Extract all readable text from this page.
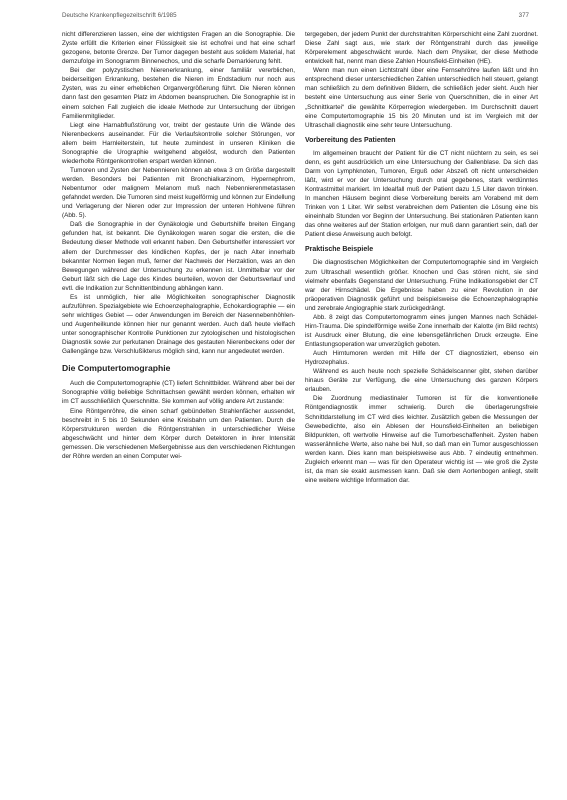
Deutsche Krankenpflegezeitschrift 6/1985	377

nicht differenzieren lassen, eine der wichtigsten Fragen an die Sonographie. Die Zyste erfüllt die Kriterien einer Flüssigkeit sie ist echofrei und hat eine scharf gezogene, betonte Grenze. Der Tumor dagegen besteht aus solidem Material, hat demzufolge im Sonogramm Binnenechos, und die scharfe Demarkierung fehlt.

Bei der polyzystischen Nierenerkrankung, einer familiär vererblichen, beiderseitigen Erkrankung, bestehen die Nieren im Endstadium nur noch aus Zysten, was zu einer erheblichen Organvergrößerung führt. Die Nieren können dann fast den gesamten Platz im Abdomen beanspruchen. Die Sonographie ist in einem solchen Fall zugleich die ideale Methode zur Untersuchung der übrigen Familienmitglieder.

Liegt eine Harnabflußstörung vor, treibt der gestaute Urin die Wände des Nierenbeckens auseinander. Für die Verlaufskontrolle solcher Störungen, vor allem beim Harnleiterstein, tut heute zumindest in unseren Kliniken die Sonographie die Urographie weitgehend abgelöst, wodurch den Patienten wiederholte Röntgenkontrollen erspart werden können.

Tumoren und Zysten der Nebennieren können ab etwa 3 cm Größe dargestellt werden. Besonders bei Patienten mit Bronchialkarzinom, Hypernephrom, Nebentumor oder malignem Melanom muß nach Nebennierenmetastasen gefahndet werden. Die Tumoren sind meist kugelförmig und können zur Eindellung und Verlagerung der Nieren oder zur Impression der unteren Hohlvene führen (Abb. 5).

Daß die Sonographie in der Gynäkologie und Geburtshilfe breiten Eingang gefunden hat, ist bekannt. Die Gynäkologen waren sogar die ersten, die die Bedeutung dieser Methode voll erkannt haben. Den Geburtshelfer interessiert vor allem der Durchmesser des kindlichen Kopfes, der je nach Alter innerhalb bekannter Normen liegen muß, ferner der Nachweis der Herzaktion, was an den Bewegungen während der Untersuchung zu erkennen ist. Unmittelbar vor der Geburt läßt sich die Lage des Kindes beurteilen, wovon der Geburtsverlauf und evtl. die Indikation zur Schnittentbindung abhängen kann.

Es ist unmöglich, hier alle Möglichkeiten sonographischer Diagnostik aufzuführen. Spezialgebiete wie Echoenzephalographie, Echokardiographie — ein sehr wichtiges Gebiet — oder Anwendungen im Bereich der Nasennebenhöhlen- und Augenheilkunde können hier nur genannt werden. Auch daß heute vielfach unter sonographischer Kontrolle Punktionen zur zytologischen und histologischen Diagnostik sowie zur perkutanen Drainage des gestauten Nierenbeckens oder der Gallengänge bzw. Verschlußikterus möglich sind, kann nur angedeutet werden.

Die Computertomographie

Auch die Computertomographie (CT) liefert Schnittbilder. Während aber bei der Sonographie völlig beliebige Schnittachsen gewählt werden können, erhalten wir im CT ausschließlich Querschnitte. Sie kommen auf völlig andere Art zustande:

Eine Röntgenröhre, die einen scharf gebündelten Strahlenfächer aussendet, beschreibt in 5 bis 10 Sekunden eine Kreisbahn um den Patienten. Durch die Körperstrukturen werden die Röntgenstrahlen in unterschiedlicher Weise abgeschwächt und hinter dem Körper durch Detektoren in ihrer Intensität gemessen. Die verschiedenen Meßergebnisse aus den verschiedenen Richtungen der Röhre werden an einen Computer wei-

tergegeben, der jedem Punkt der durchstrahlten Körperschicht eine Zahl zuordnet. Diese Zahl sagt aus, wie stark der Röntgenstrahl durch das jeweilige Körperelement abgeschwächt wurde. Nach dem Physiker, der diese Methode entwickelt hat, nennt man diese Zahlen Hounsfield-Einheiten (HE).

Wenn man nun einen Lichtstrahl über eine Fernsehröhre laufen läßt und ihn entsprechend dieser unterschiedlichen Zahlen unterschiedlich hell steuert, gelangt man schließlich zu dem definitiven Bildern, die schließlich jeder sieht. Auch hier besteht eine Untersuchung aus einer Serie von Querschnitten, die in einer Art „Schnittkartei“ die gewählte Körperregion wiedergeben. Im Durchschnitt dauert eine Computertomographie 15 bis 20 Minuten und ist im Vergleich mit der Ultraschall diagnostik eine sehr teure Untersuchung.

Vorbereitung des Patienten

Im allgemeinen braucht der Patient für die CT nicht nüchtern zu sein, es sei denn, es geht ausdrücklich um eine Untersuchung der Gallenblase. Da sich das Darm von Lymphknoten, Tumoren, Erguß oder Abszeß oft nicht unterscheiden läßt, wird er vor der Untersuchung durch oral gegebenes, stark verdünntes Kontrastmittel markiert. Im Idealfall muß der Patient dazu 1,5 Liter davon trinken. In manchen Häusern beginnt diese Vorbereitung bereits am Vorabend mit dem Trinken von 1 Liter. Wir selbst verabreichen dem Patienten die Lösung eine bis eineinhalb Stunden vor Beginn der Untersuchung. Bei stationären Patienten kann das ohne weiteres auf der Station erfolgen, nur muß dann garantiert sein, daß der Patient diese Anweisung auch befolgt.

Praktische Beispiele

Die diagnostischen Möglichkeiten der Computertomographie sind im Vergleich zum Ultraschall wesentlich größer. Knochen und Gas stören nicht, sie sind vielmehr ebenfalls Gegenstand der Untersuchung. Frühe Indikationsgebiet der CT war der Hirnschädel. Die Ergebnisse haben zu einer Revolution in der präoperativen Diagnostik geführt und beispielsweise die Echoenzephalographie und zerebrale Angiographie stark zurückgedrängt.

Abb. 8 zeigt das Computertomogramm eines jungen Mannes nach Schädel-Hirn-Trauma. Die spindelförmige weiße Zone innerhalb der Kalotte (im Bild rechts) ist Ausdruck einer Blutung, die eine lebensgefährlichen Druck erzeugte. Eine Entlastungsoperation war unverzüglich geboten.

Auch Hirntumoren werden mit Hilfe der CT diagnostiziert, ebenso ein Hydrozephalus.

Während es auch heute noch spezielle Schädelscanner gibt, stehen darüber hinaus Geräte zur Verfügung, die eine Untersuchung des ganzen Körpers erlauben.

Die Zuordnung mediastinaler Tumoren ist für die konventionelle Röntgendiagnostik immer schwierig. Durch die überlagerungsfreie Schnittdarstellung im CT wird dies leichter. Zusätzlich geben die Messungen der Gewebedichte, also ein Ablesen der Hounsfield-Einheiten an beliebigen Bildpunkten, oft wertvolle Hinweise auf die Tumorbeschaffenheit. Zysten haben wasserähnliche Werte, also nahe bei Null, so daß man ein Tumor ausgeschlossen werden kann. Dies kann man beispielsweise aus Abb. 7 eindeutig entnehmen. Zugleich erkennt man — was für den Operateur wichtig ist — wie groß die Zyste ist, da man sie exakt ausmessen kann. Daß sie dem Aortenbogen anliegt, stellt eine weitere wichtige Information dar.
